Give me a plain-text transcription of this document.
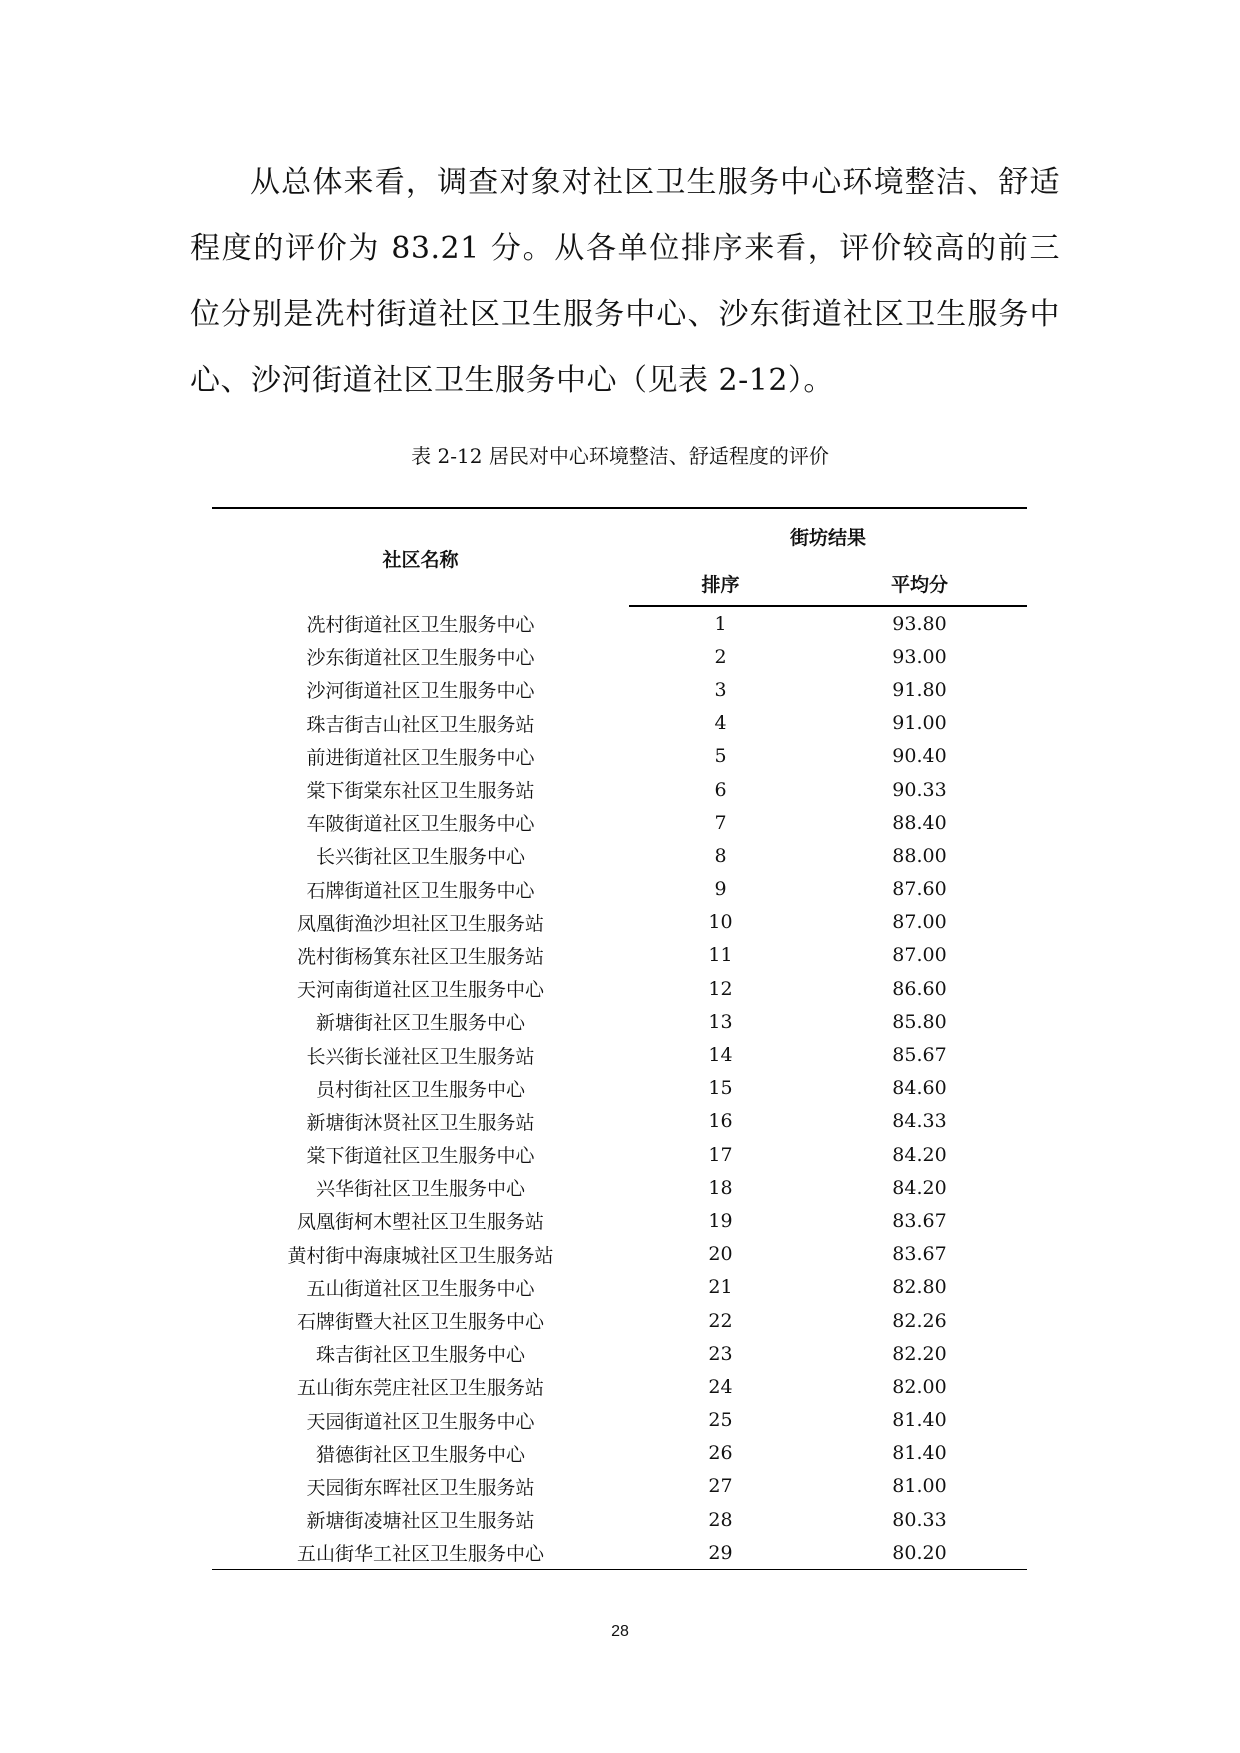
从总体来看，调查对象对社区卫生服务中心环境整洁、舒适程度的评价为 83.21 分。从各单位排序来看，评价较高的前三位分别是冼村街道社区卫生服务中心、沙东街道社区卫生服务中心、沙河街道社区卫生服务中心（见表 2-12）。

表 2-12 居民对中心环境整洁、舒适程度的评价
社区名称	街坊结果	
	排序	平均分
冼村街道社区卫生服务中心	1	93.80
沙东街道社区卫生服务中心	2	93.00
沙河街道社区卫生服务中心	3	91.80
珠吉街吉山社区卫生服务站	4	91.00
前进街道社区卫生服务中心	5	90.40
棠下街棠东社区卫生服务站	6	90.33
车陂街道社区卫生服务中心	7	88.40
长兴街社区卫生服务中心	8	88.00
石牌街道社区卫生服务中心	9	87.60
凤凰街渔沙坦社区卫生服务站	10	87.00
冼村街杨箕东社区卫生服务站	11	87.00
天河南街道社区卫生服务中心	12	86.60
新塘街社区卫生服务中心	13	85.80
长兴街长湴社区卫生服务站	14	85.67
员村街社区卫生服务中心	15	84.60
新塘街沐贤社区卫生服务站	16	84.33
棠下街道社区卫生服务中心	17	84.20
兴华街社区卫生服务中心	18	84.20
凤凰街柯木塱社区卫生服务站	19	83.67
黄村街中海康城社区卫生服务站	20	83.67
五山街道社区卫生服务中心	21	82.80
石牌街暨大社区卫生服务中心	22	82.26
珠吉街社区卫生服务中心	23	82.20
五山街东莞庄社区卫生服务站	24	82.00
天园街道社区卫生服务中心	25	81.40
猎德街社区卫生服务中心	26	81.40
天园街东晖社区卫生服务站	27	81.00
新塘街凌塘社区卫生服务站	28	80.33
五山街华工社区卫生服务中心	29	80.20
28
